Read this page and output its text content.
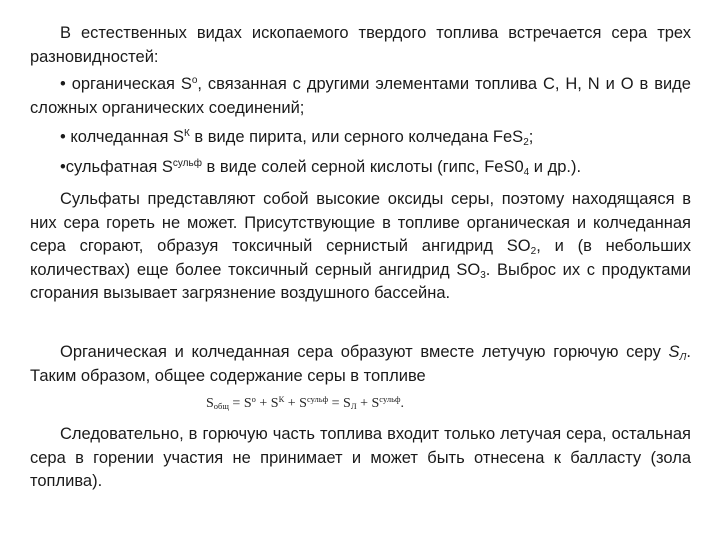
В естественных видах ископаемого твердого топлива встречается сера трех разновидностей:

• органическая $S^о$, связанная с другими элементами топлива С, Н, N и О в виде сложных органических соединений;

• колчеданная $S^К$ в виде пирита, или серного колчедана FeS$_2$;

•сульфатная $S^{сульф}$ в виде солей серной кислоты (гипс, $FeS0_4$ и др.).

Сульфаты представляют собой высокие оксиды серы, поэтому находящаяся в них сера гореть не может. Присутствующие в топливе органическая и колчеданная сера сгорают, образуя токсичный сернистый ангидрид $SO_2$, и (в небольших количествах) еще более токсичный серный ангидрид $SO_3$. Выброс их с продуктами сгорания вызывает загрязнение воздушного бассейна.

Органическая и колчеданная сера образуют вместе летучую горючую серу $S_Л$. Таким образом, общее содержание серы в топливе

$S_{общ} = S^о + S^К + S^{сульф} = S_Л + S^{сульф}$.

Следовательно, в горючую часть топлива входит только летучая сера, остальная сера в горении участия не принимает и может быть отнесена к балласту (зола топлива).
